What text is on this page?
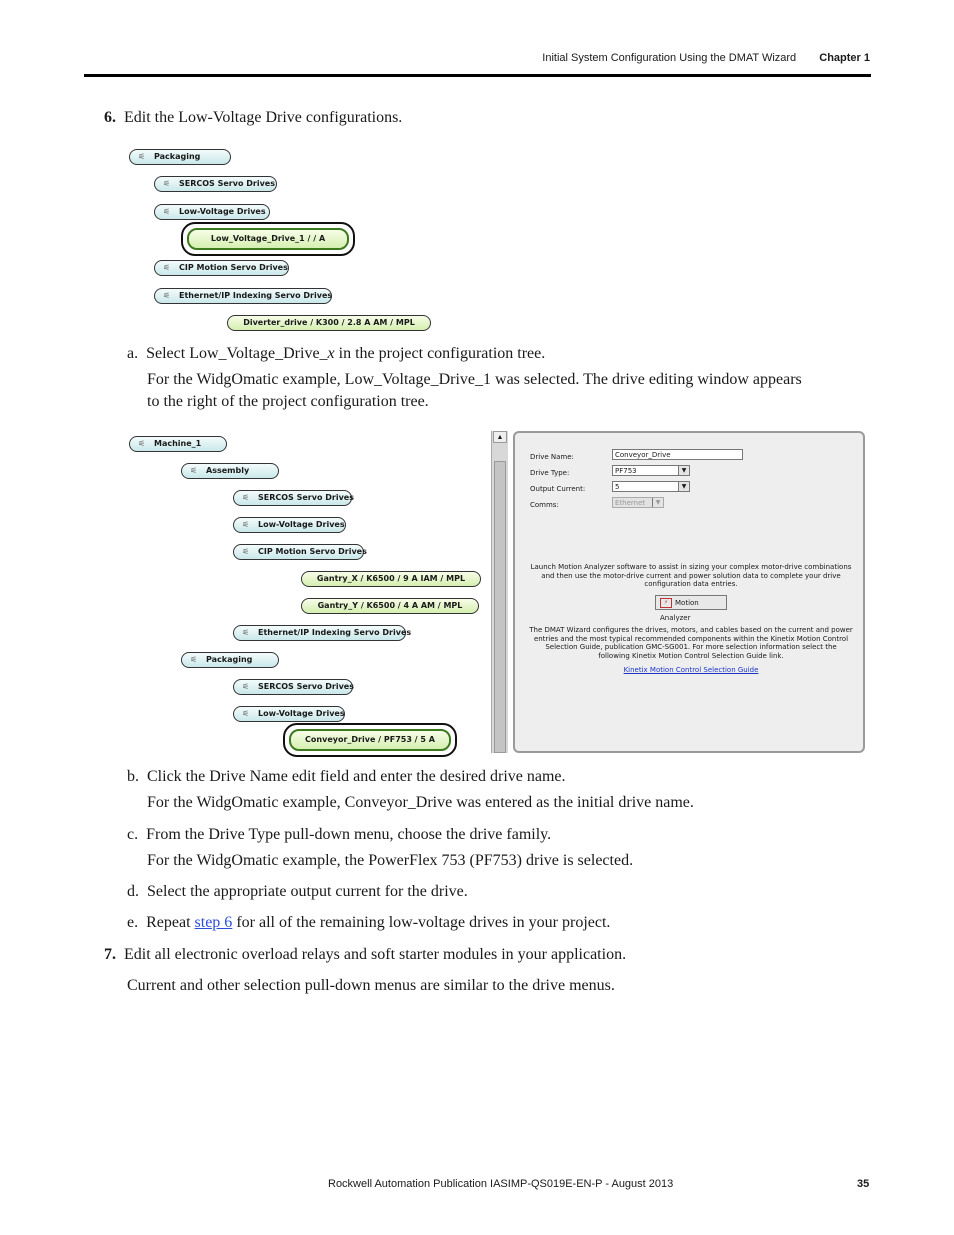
Initial System Configuration Using the DMAT Wizard Chapter 1
6. Edit the Low-Voltage Drive configurations.
⚟ Packaging
⚟ SERCOS Servo Drives
⚟ Low-Voltage Drives
Low_Voltage_Drive_1 / / A
⚟ CIP Motion Servo Drives
⚟ Ethernet/IP Indexing Servo Drives
Diverter_drive / K300 / 2.8 A AM / MPL
a. Select Low_Voltage_Drive_x in the project configuration tree.
For the WidgOmatic example, Low_Voltage_Drive_1 was selected. The drive editing window appears
to the right of the project configuration tree.
⚟ Machine_1
⚟ Assembly
⚟ SERCOS Servo Drives
⚟ Low-Voltage Drives
⚟ CIP Motion Servo Drives
Gantry_X / K6500 / 9 A IAM / MPL
Gantry_Y / K6500 / 4 A AM / MPL
⚟ Ethernet/IP Indexing Servo Drives
⚟ Packaging
⚟ SERCOS Servo Drives
⚟ Low-Voltage Drives
Conveyor_Drive / PF753 / 5 A
▲
Drive Name:	Conveyor_Drive
Drive Type:	PF753	▼
Output Current:	5	▼
Comms:	Ethernet	▼
Launch Motion Analyzer software to assist in sizing your complex motor-drive combinations and then use the motor-drive current and power solution data to complete your drive configuration data entries.
⚡ Motion Analyzer
The DMAT Wizard configures the drives, motors, and cables based on the current and power entries and the most typical recommended components within the Kinetix Motion Control Selection Guide, publication GMC-SG001. For more selection information select the following Kinetix Motion Control Selection Guide link.
Kinetix Motion Control Selection Guide
b. Click the Drive Name edit field and enter the desired drive name.
For the WidgOmatic example, Conveyor_Drive was entered as the initial drive name.
c. From the Drive Type pull-down menu, choose the drive family.
For the WidgOmatic example, the PowerFlex 753 (PF753) drive is selected.
d. Select the appropriate output current for the drive.
e. Repeat step 6 for all of the remaining low-voltage drives in your project.
7. Edit all electronic overload relays and soft starter modules in your application.
Current and other selection pull-down menus are similar to the drive menus.
Rockwell Automation Publication IASIMP-QS019E-EN-P - August 2013	35
